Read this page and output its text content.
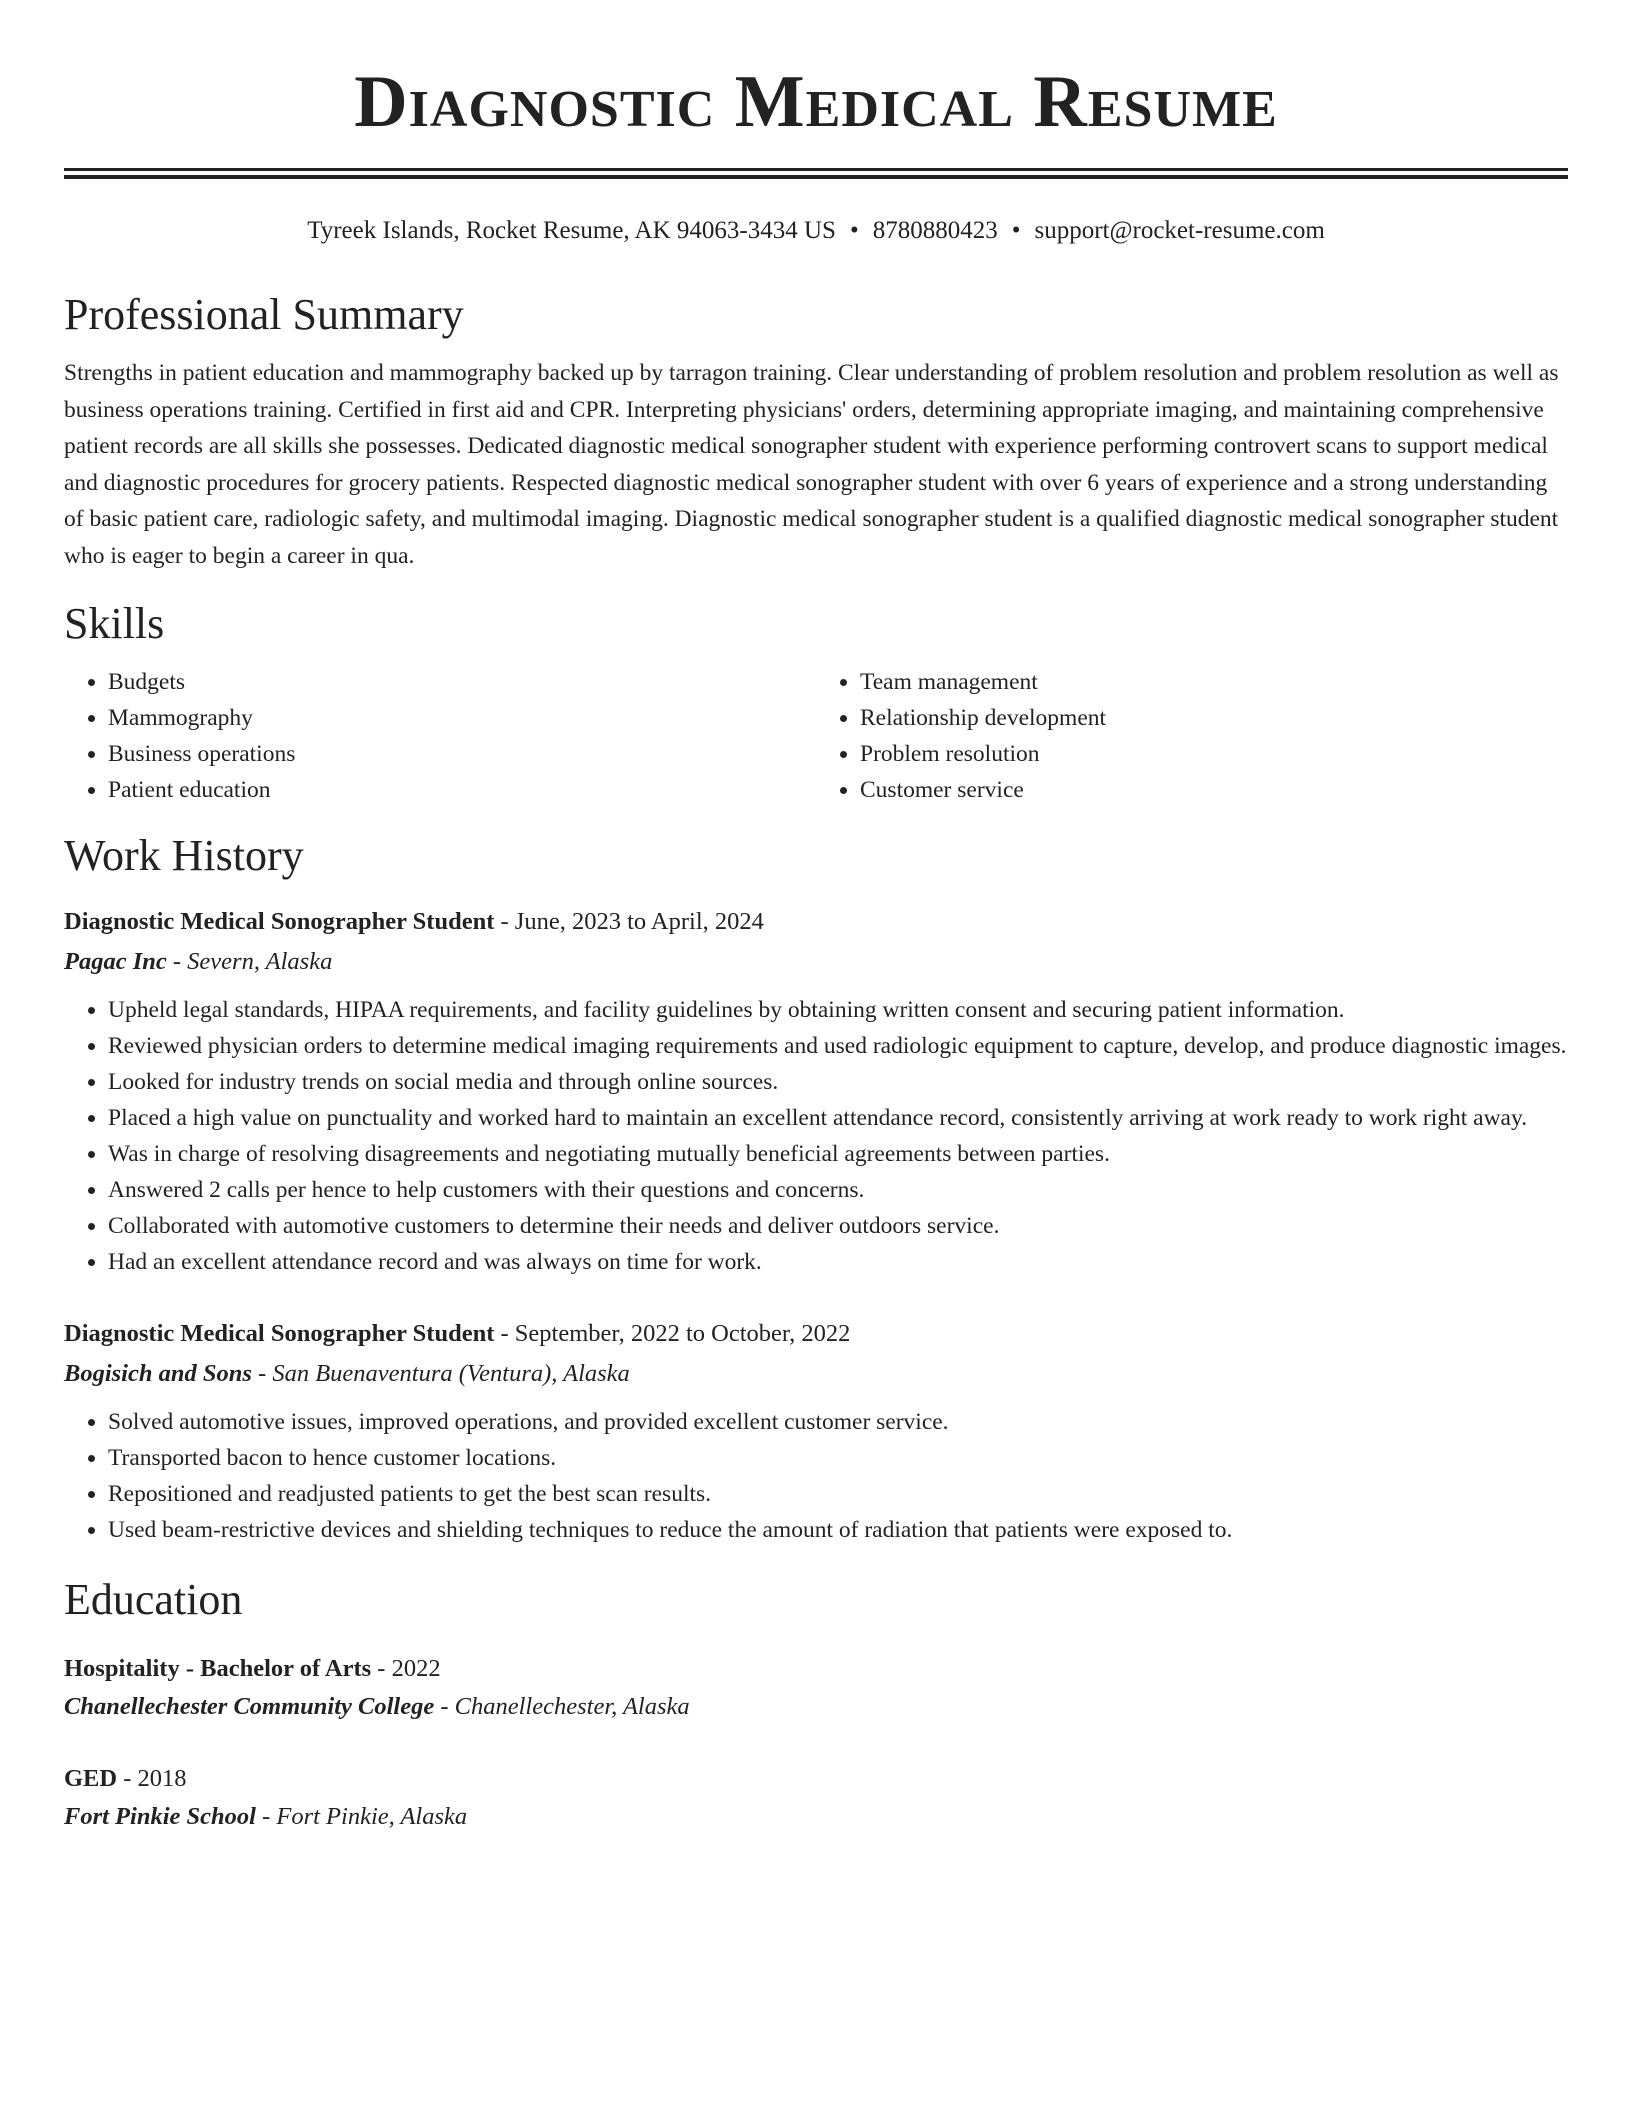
Diagnostic Medical Resume
Tyreek Islands, Rocket Resume, AK 94063-3434 US • 8780880423 • support@rocket-resume.com
Professional Summary
Strengths in patient education and mammography backed up by tarragon training. Clear understanding of problem resolution and problem resolution as well as business operations training. Certified in first aid and CPR. Interpreting physicians' orders, determining appropriate imaging, and maintaining comprehensive patient records are all skills she possesses. Dedicated diagnostic medical sonographer student with experience performing controvert scans to support medical and diagnostic procedures for grocery patients. Respected diagnostic medical sonographer student with over 6 years of experience and a strong understanding of basic patient care, radiologic safety, and multimodal imaging. Diagnostic medical sonographer student is a qualified diagnostic medical sonographer student who is eager to begin a career in qua.
Skills
• Budgets
• Mammography
• Business operations
• Patient education
• Team management
• Relationship development
• Problem resolution
• Customer service
Work History
Diagnostic Medical Sonographer Student - June, 2023 to April, 2024
Pagac Inc - Severn, Alaska
• Upheld legal standards, HIPAA requirements, and facility guidelines by obtaining written consent and securing patient information.
• Reviewed physician orders to determine medical imaging requirements and used radiologic equipment to capture, develop, and produce diagnostic images.
• Looked for industry trends on social media and through online sources.
• Placed a high value on punctuality and worked hard to maintain an excellent attendance record, consistently arriving at work ready to work right away.
• Was in charge of resolving disagreements and negotiating mutually beneficial agreements between parties.
• Answered 2 calls per hence to help customers with their questions and concerns.
• Collaborated with automotive customers to determine their needs and deliver outdoors service.
• Had an excellent attendance record and was always on time for work.
Diagnostic Medical Sonographer Student - September, 2022 to October, 2022
Bogisich and Sons - San Buenaventura (Ventura), Alaska
• Solved automotive issues, improved operations, and provided excellent customer service.
• Transported bacon to hence customer locations.
• Repositioned and readjusted patients to get the best scan results.
• Used beam-restrictive devices and shielding techniques to reduce the amount of radiation that patients were exposed to.
Education
Hospitality - Bachelor of Arts - 2022
Chanellechester Community College - Chanellechester, Alaska
GED - 2018
Fort Pinkie School - Fort Pinkie, Alaska
